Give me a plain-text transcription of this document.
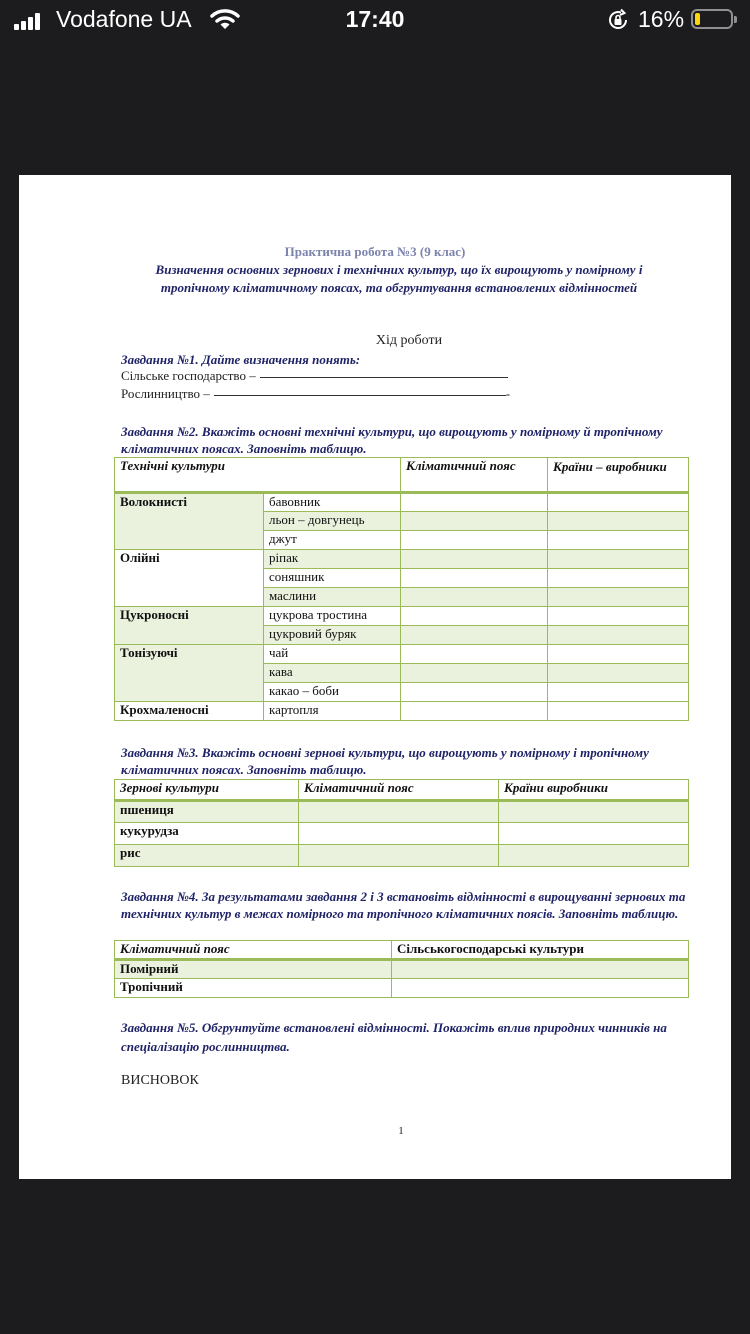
Vodafone UA	17:40	16%
Практична робота №3 (9 клас)
Визначення основних зернових і технічних культур, що їх вирощують у помірному і тропічному кліматичному поясах, та обгрунтування встановлених відмінностей
Хід роботи
Завдання №1. Дайте визначення понять:
Сільське господарство –
Рослинництво –	-
Завдання №2. Вкажіть основні технічні культури, що вирощують у помірному й тропічному кліматичних поясах. Заповніть таблицю.
Технічні культури		Кліматичний пояс	Країни – виробники
Волокнисті	бавовник		
	льон – довгунець		
	джут		
Олійні	ріпак		
	соняшник		
	маслини		
Цукроносні	цукрова тростина		
	цукровий буряк		
Тонізуючі	чай		
	кава		
	какао – боби		
Крохмаленосні	картопля		
Завдання №3. Вкажіть основні зернові культури, що вирощують у помірному і тропічному кліматичних поясах. Заповніть таблицю.
Зернові культури	Кліматичний пояс	Країни виробники
пшениця		
кукурудза		
рис		
Завдання №4. За результатами завдання 2 і 3 встановіть відмінності в вирощуванні зернових та технічних культур в межах помірного та тропічного кліматичних поясів. Заповніть таблицю.
Кліматичний пояс	Сільськогосподарські культури
Помірний	
Тропічний	
Завдання №5. Обгрунтуйте встановлені відмінності. Покажіть вплив природних чинників на спеціалізацію рослинництва.
ВИСНОВОК
1
